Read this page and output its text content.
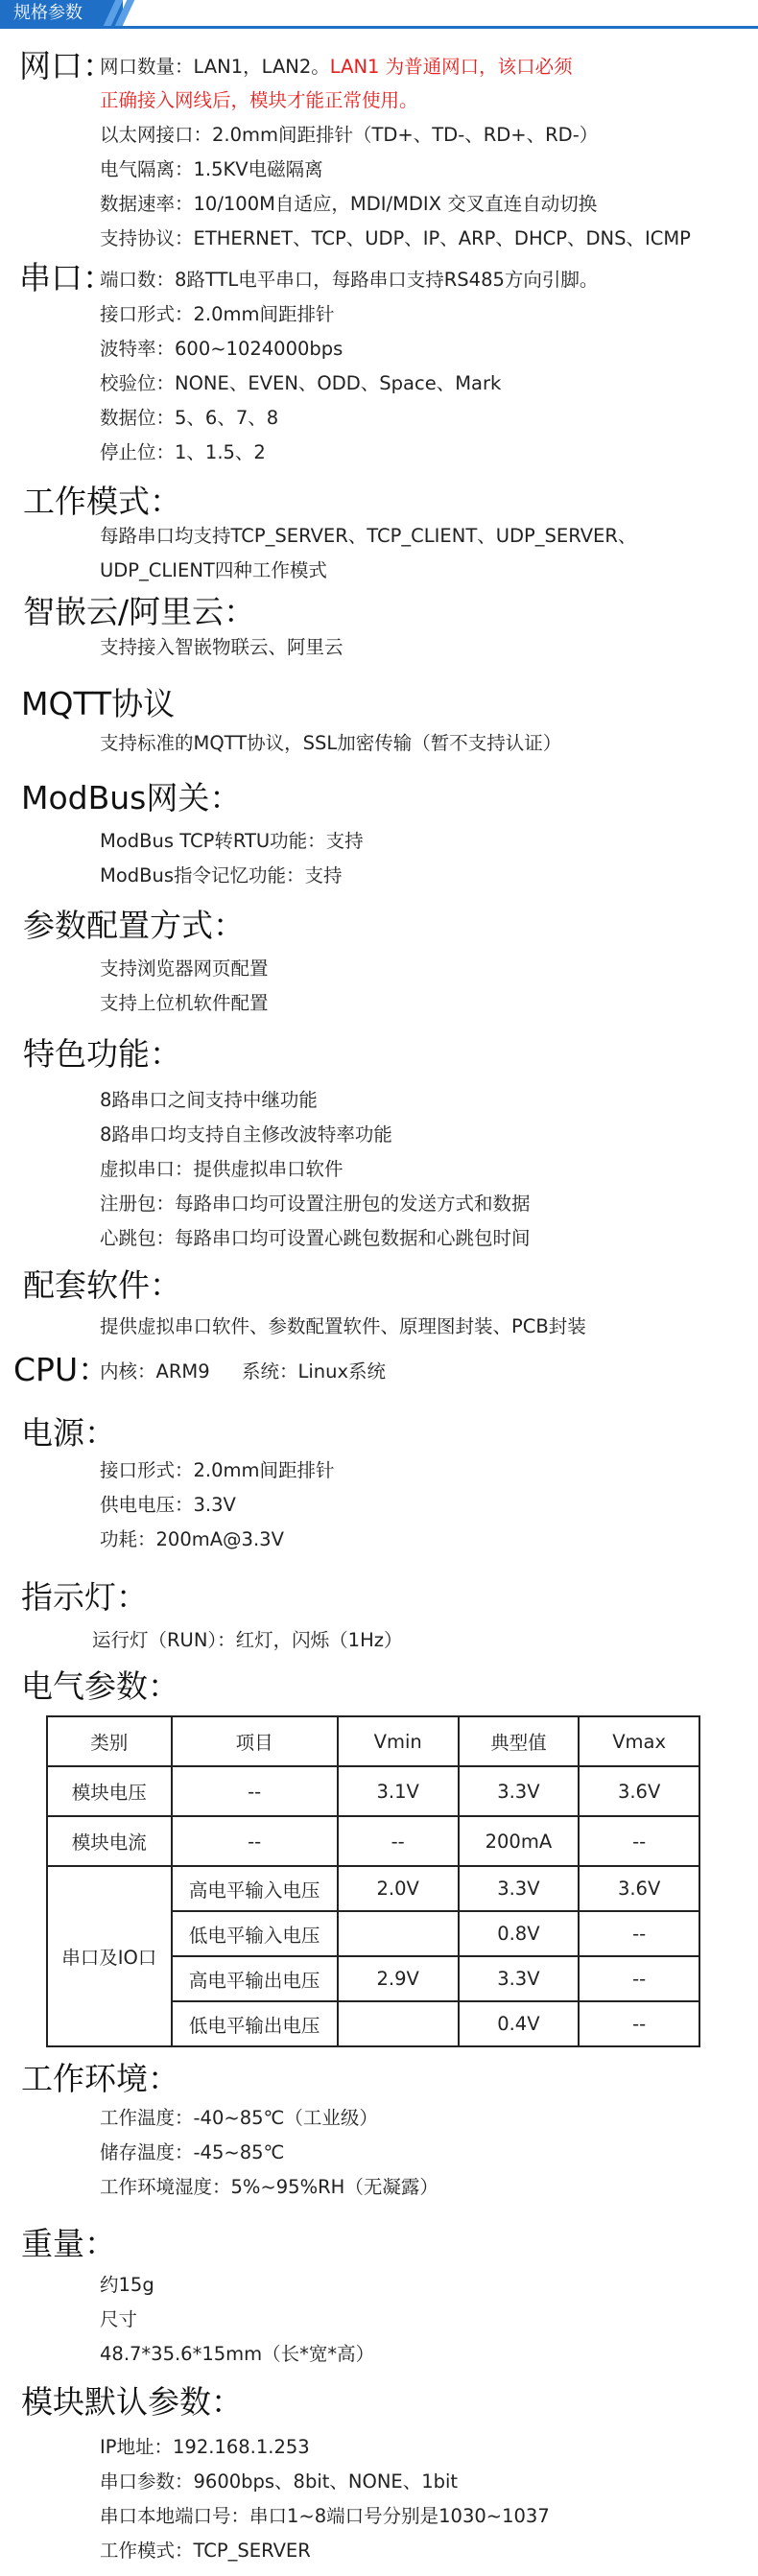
规格参数
网口：
网口数量：LAN1，LAN2。LAN1 为普通网口，该口必须
正确接入网线后，模块才能正常使用。
以太网接口：2.0mm间距排针（TD+、TD-、RD+、RD-）
电气隔离：1.5KV电磁隔离
数据速率：10/100M自适应，MDI/MDIX 交叉直连自动切换
支持协议：ETHERNET、TCP、UDP、IP、ARP、DHCP、DNS、ICMP
串口：
端口数：8路TTL电平串口，每路串口支持RS485方向引脚。
接口形式：2.0mm间距排针
波特率：600~1024000bps
校验位：NONE、EVEN、ODD、Space、Mark
数据位：5、6、7、8
停止位：1、1.5、2
工作模式：
每路串口均支持TCP_SERVER、TCP_CLIENT、UDP_SERVER、
UDP_CLIENT四种工作模式
智嵌云/阿里云：
支持接入智嵌物联云、阿里云
MQTT协议
支持标准的MQTT协议，SSL加密传输（暂不支持认证）
ModBus网关：
ModBus TCP转RTU功能：支持
ModBus指令记忆功能：支持
参数配置方式：
支持浏览器网页配置
支持上位机软件配置
特色功能：
8路串口之间支持中继功能
8路串口均支持自主修改波特率功能
虚拟串口：提供虚拟串口软件
注册包：每路串口均可设置注册包的发送方式和数据
心跳包：每路串口均可设置心跳包数据和心跳包时间
配套软件：
提供虚拟串口软件、参数配置软件、原理图封装、PCB封装
CPU：
内核：ARM9 系统：Linux系统
电源：
接口形式：2.0mm间距排针
供电电压：3.3V
功耗：200mA@3.3V
指示灯：
运行灯（RUN）：红灯，闪烁（1Hz）
电气参数：
类别	项目	Vmin	典型值	Vmax
模块电压	--	3.1V	3.3V	3.6V
模块电流	--	--	200mA	--
串口及IO口	高电平输入电压	2.0V	3.3V	3.6V
	低电平输入电压		0.8V	--
	高电平输出电压	2.9V	3.3V	--
	低电平输出电压		0.4V	--
工作环境：
工作温度：-40~85℃（工业级）
储存温度：-45~85℃
工作环境湿度：5%~95%RH（无凝露）
重量：
约15g
尺寸
48.7*35.6*15mm（长*宽*高）
模块默认参数：
IP地址：192.168.1.253
串口参数：9600bps、8bit、NONE、1bit
串口本地端口号：串口1~8端口号分别是1030~1037
工作模式：TCP_SERVER
